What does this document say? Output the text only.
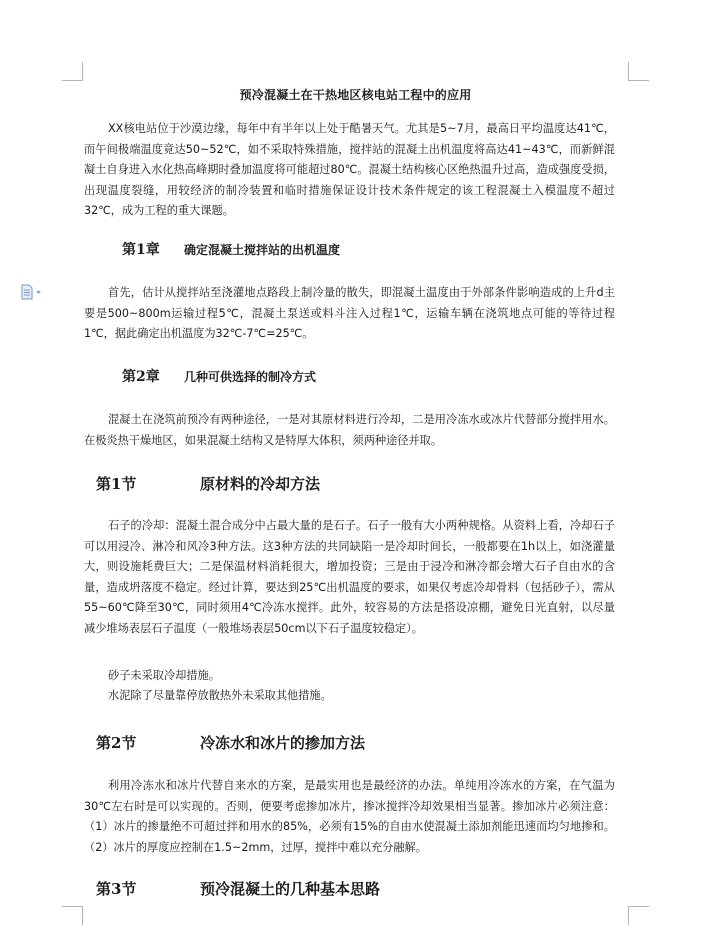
预冷混凝土在干热地区核电站工程中的应用

XX核电站位于沙漠边缘，每年中有半年以上处于酷暑天气。尤其是5~7月，最高日平均温度达41℃，而午间极端温度竟达50~52℃，如不采取特殊措施，搅拌站的混凝土出机温度将高达41~43℃，而新鲜混凝土自身进入水化热高峰期时叠加温度将可能超过80℃。混凝土结构核心区绝热温升过高，造成强度受损，出现温度裂缝，用较经济的制冷装置和临时措施保证设计技术条件规定的该工程混凝土入模温度不超过32℃，成为工程的重大课题。

第1章 确定混凝土搅拌站的出机温度

首先，估计从搅拌站至浇灌地点路段上制冷量的散失，即混凝土温度由于外部条件影响造成的上升d主要是500~800m运输过程5℃，混凝土泵送或料斗注入过程1℃，运输车辆在浇筑地点可能的等待过程1℃，据此确定出机温度为32℃-7℃=25℃。

第2章 几种可供选择的制冷方式

混凝土在浇筑前预冷有两种途径，一是对其原材料进行冷却，二是用冷冻水或冰片代替部分搅拌用水。在极炎热干燥地区，如果混凝土结构又是特厚大体积，须两种途径并取。

第1节	原材料的冷却方法

石子的冷却：混凝土混合成分中占最大量的是石子。石子一般有大小两种规格。从资料上看，冷却石子可以用浸冷、淋冷和风冷3种方法。这3种方法的共同缺陷一是冷却时间长，一般都要在1h以上，如浇灌量大，则设施耗费巨大；二是保温材料消耗很大，增加投资；三是由于浸冷和淋冷都会增大石子自由水的含量，造成坍落度不稳定。经过计算，要达到25℃出机温度的要求，如果仅考虑冷却骨料（包括砂子），需从55~60℃降至30℃，同时须用4℃冷冻水搅拌。此外，较容易的方法是搭设凉棚，避免日光直射，以尽量减少堆场表层石子温度（一般堆场表层50cm以下石子温度较稳定）。

砂子未采取冷却措施。
水泥除了尽量靠停放散热外未采取其他措施。
第2节	冷冻水和冰片的掺加方法

利用冷冻水和冰片代替自来水的方案，是最实用也是最经济的办法。单纯用冷冻水的方案，在气温为30℃左右时是可以实现的。否则，便要考虑掺加冰片，掺冰搅拌冷却效果相当显著。掺加冰片必须注意：（1）冰片的掺量绝不可超过拌和用水的85%，必须有15%的自由水使混凝土添加剂能迅速而均匀地掺和。（2）冰片的厚度应控制在1.5~2mm，过厚，搅拌中难以充分融解。

第3节	预冷混凝土的几种基本思路
